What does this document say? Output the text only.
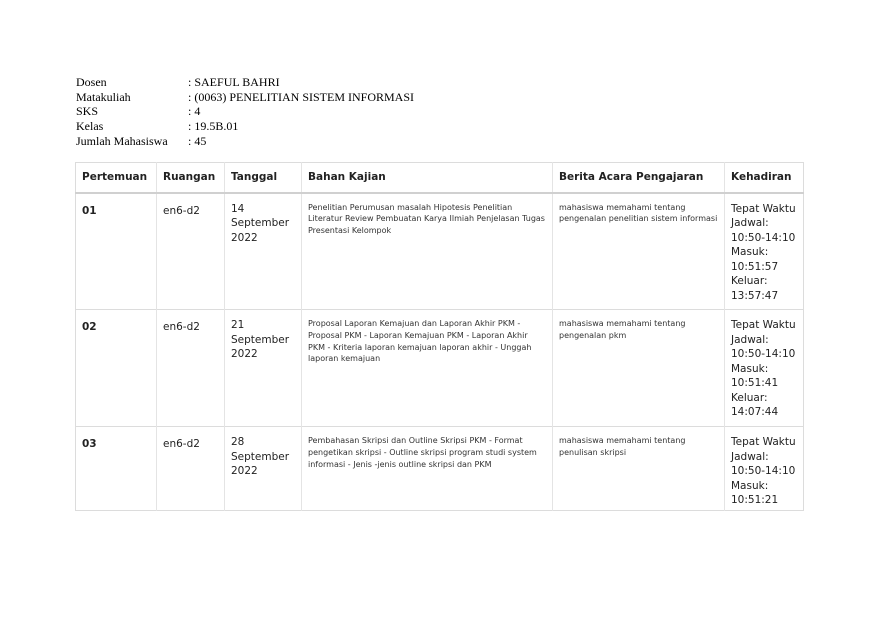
Dosen	: SAEFUL BAHRI
Matakuliah	: (0063) PENELITIAN SISTEM INFORMASI
SKS	: 4
Kelas	: 19.5B.01
Jumlah Mahasiswa	: 45
Pertemuan	Ruangan	Tanggal	Bahan Kajian	Berita Acara Pengajaran	Kehadiran
01	en6-d2	14 September 2022	Penelitian Perumusan masalah Hipotesis Penelitian Literatur Review Pembuatan Karya Ilmiah Penjelasan Tugas Presentasi Kelompok	mahasiswa memahami tentang pengenalan penelitian sistem informasi	Tepat Waktu
Jadwal: 10:50-14:10
Masuk: 10:51:57
Keluar: 13:57:47

02	en6-d2	21 September 2022	Proposal Laporan Kemajuan dan Laporan Akhir PKM - Proposal PKM - Laporan Kemajuan PKM - Laporan Akhir PKM - Kriteria laporan kemajuan laporan akhir - Unggah laporan kemajuan	mahasiswa memahami tentang pengenalan pkm	Tepat Waktu
Jadwal: 10:50-14:10
Masuk: 10:51:41
Keluar: 14:07:44

03	en6-d2	28 September 2022	Pembahasan Skripsi dan Outline Skripsi PKM - Format pengetikan skripsi - Outline skripsi program studi system informasi - Jenis -jenis outline skripsi dan PKM	mahasiswa memahami tentang penulisan skripsi	Tepat Waktu
Jadwal: 10:50-14:10
Masuk: 10:51:21
